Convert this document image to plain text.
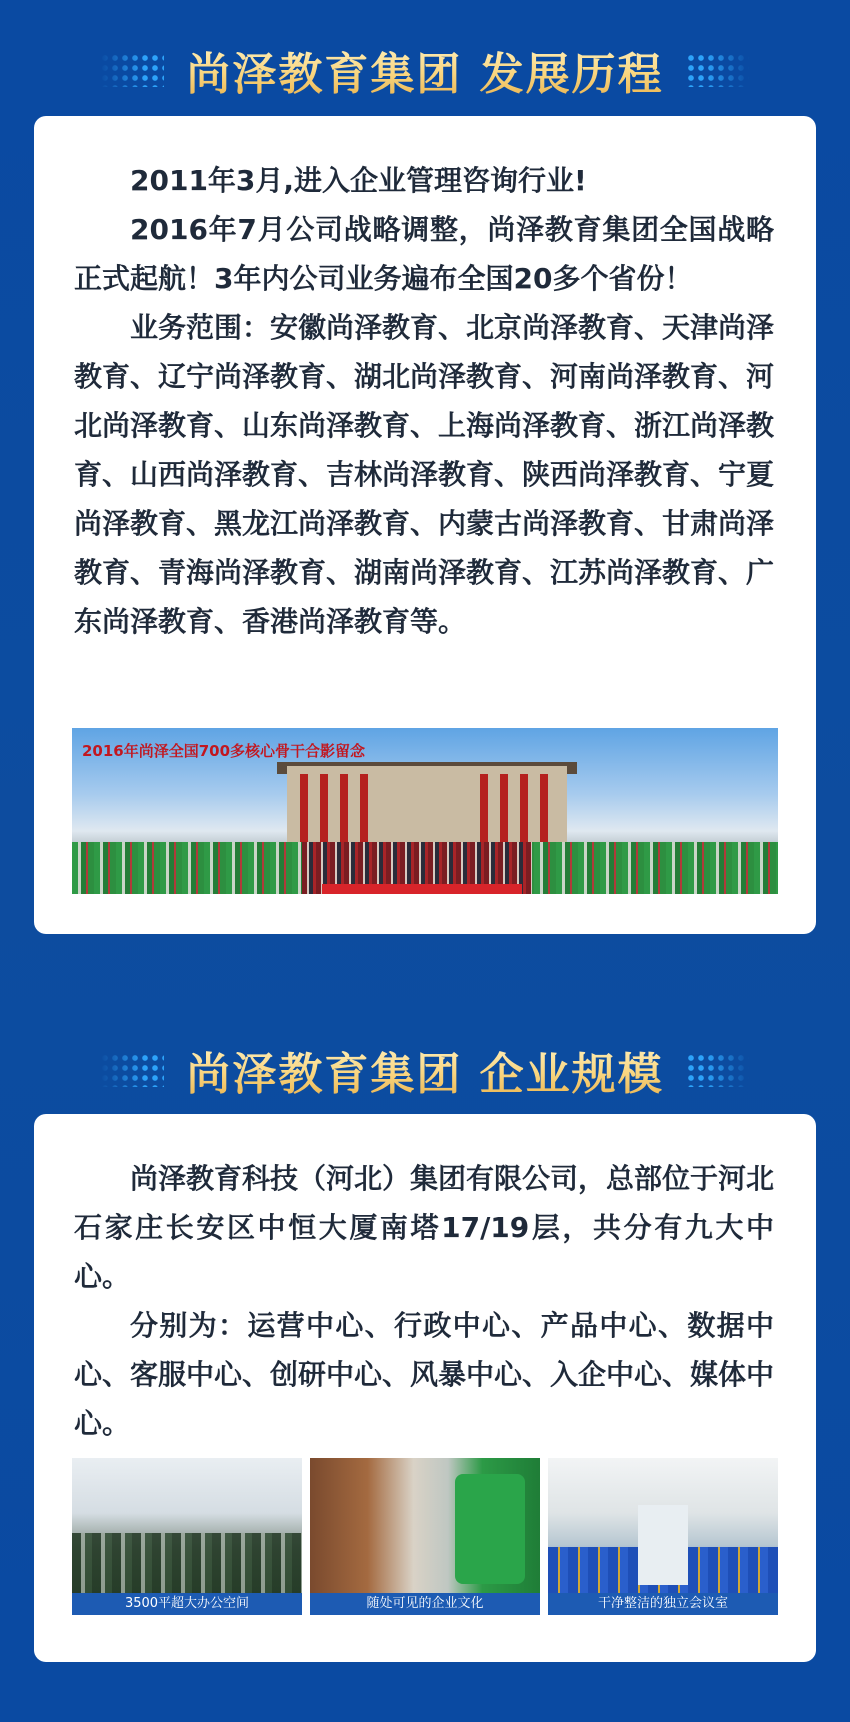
尚泽教育集团 发展历程

2011年3月,进入企业管理咨询行业!

2016年7月公司战略调整，尚泽教育集团全国战略正式起航！3年内公司业务遍布全国20多个省份！

业务范围：安徽尚泽教育、北京尚泽教育、天津尚泽教育、辽宁尚泽教育、湖北尚泽教育、河南尚泽教育、河北尚泽教育、山东尚泽教育、上海尚泽教育、浙江尚泽教育、山西尚泽教育、吉林尚泽教育、陕西尚泽教育、宁夏尚泽教育、黑龙江尚泽教育、内蒙古尚泽教育、甘肃尚泽教育、青海尚泽教育、湖南尚泽教育、江苏尚泽教育、广东尚泽教育、香港尚泽教育等。

2016年尚泽全国700多核心骨干合影留念
尚泽教育集团 企业规模

尚泽教育科技（河北）集团有限公司，总部位于河北石家庄长安区中恒大厦南塔17/19层，共分有九大中心。

分别为：运营中心、行政中心、产品中心、数据中心、客服中心、创研中心、风暴中心、入企中心、媒体中心。

3500平超大办公空间	随处可见的企业文化	干净整洁的独立会议室
